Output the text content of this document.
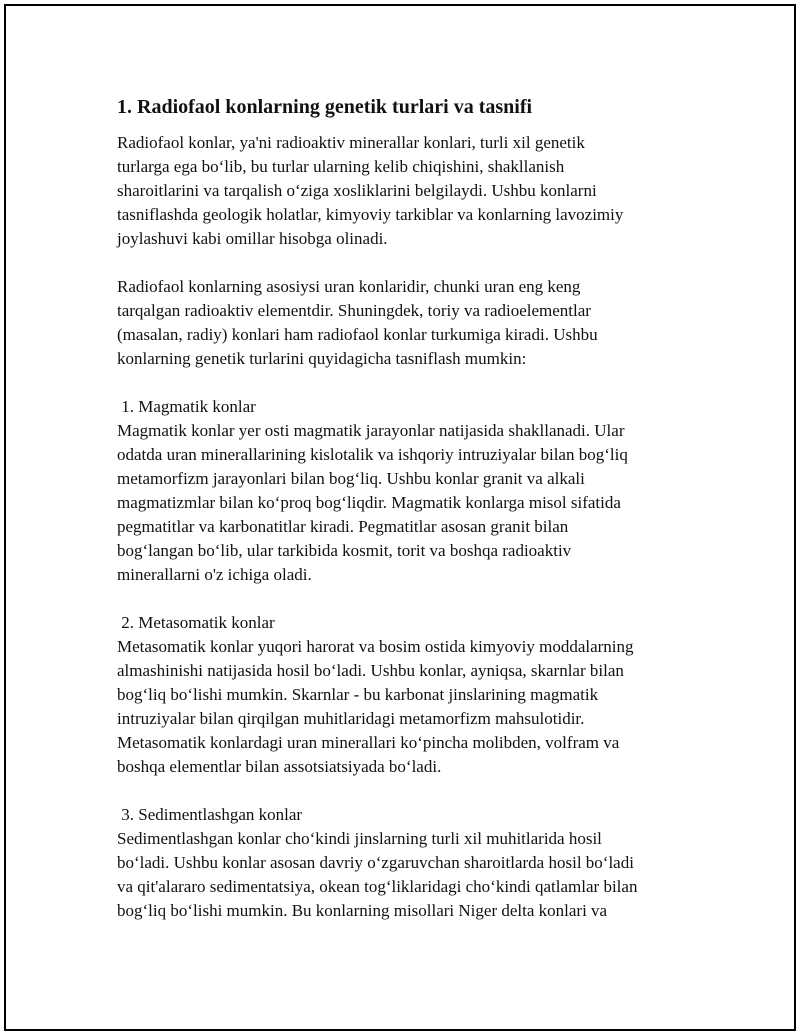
1. Radiofaol konlarning genetik turlari va tasnifi

Radiofaol konlar, ya'ni radioaktiv minerallar konlari, turli xil genetik
turlarga ega bo‘lib, bu turlar ularning kelib chiqishini, shakllanish
sharoitlarini va tarqalish o‘ziga xosliklarini belgilaydi. Ushbu konlarni
tasniflashda geologik holatlar, kimyoviy tarkiblar va konlarning lavozimiy
joylashuvi kabi omillar hisobga olinadi.

Radiofaol konlarning asosiysi uran konlaridir, chunki uran eng keng
tarqalgan radioaktiv elementdir. Shuningdek, toriy va radioelementlar
(masalan, radiy) konlari ham radiofaol konlar turkumiga kiradi. Ushbu
konlarning genetik turlarini quyidagicha tasniflash mumkin:

1. Magmatik konlar
Magmatik konlar yer osti magmatik jarayonlar natijasida shakllanadi. Ular
odatda uran minerallarining kislotalik va ishqoriy intruziyalar bilan bog‘liq
metamorfizm jarayonlari bilan bog‘liq. Ushbu konlar granit va alkali
magmatizmlar bilan ko‘proq bog‘liqdir. Magmatik konlarga misol sifatida
pegmatitlar va karbonatitlar kiradi. Pegmatitlar asosan granit bilan
bog‘langan bo‘lib, ular tarkibida kosmit, torit va boshqa radioaktiv
minerallarni o'z ichiga oladi.
2. Metasomatik konlar
Metasomatik konlar yuqori harorat va bosim ostida kimyoviy moddalarning
almashinishi natijasida hosil bo‘ladi. Ushbu konlar, ayniqsa, skarnlar bilan
bog‘liq bo‘lishi mumkin. Skarnlar - bu karbonat jinslarining magmatik
intruziyalar bilan qirqilgan muhitlaridagi metamorfizm mahsulotidir.
Metasomatik konlardagi uran minerallari ko‘pincha molibden, volfram va
boshqa elementlar bilan assotsiatsiyada bo‘ladi.
3. Sedimentlashgan konlar
Sedimentlashgan konlar cho‘kindi jinslarning turli xil muhitlarida hosil
bo‘ladi. Ushbu konlar asosan davriy o‘zgaruvchan sharoitlarda hosil bo‘ladi
va qit'alararo sedimentatsiya, okean tog‘liklaridagi cho‘kindi qatlamlar bilan
bog‘liq bo‘lishi mumkin. Bu konlarning misollari Niger delta konlari va
